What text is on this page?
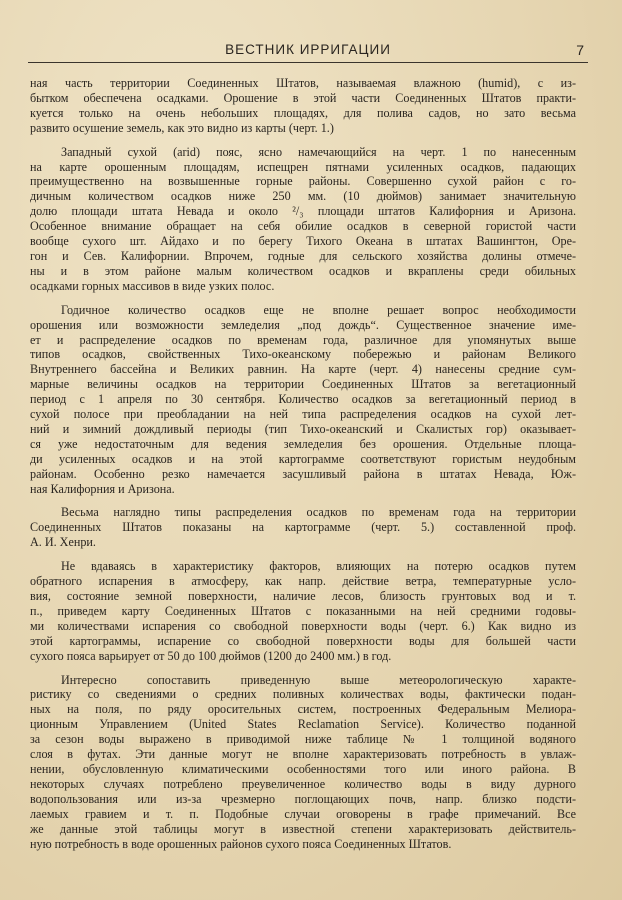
ВЕСТНИК ИРРИГАЦИИ	7
ная часть территории Соединенных Штатов, называемая влажною (humid), с из-
бытком обеспечена осадками. Орошение в этой части Соединенных Штатов практи-
куется только на очень небольших площадях, для полива садов, но зато весьма
развито осушение земель, как это видно из карты (черт. 1.)
Западный сухой (arid) пояс, ясно намечающийся на черт. 1 по нанесенным
на карте орошенным площадям, испещрен пятнами усиленных осадков, падающих
преимущественно на возвышенные горные районы. Совершенно сухой район с го-
дичным количеством осадков ниже 250 мм. (10 дюймов) занимает значительную
долю площади штата Невада и около ²/₃ площади штатов Калифорния и Аризона.
Особенное внимание обращает на себя обилие осадков в северной гористой части
вообще сухого шт. Айдахо и по берегу Тихого Океана в штатах Вашингтон, Оре-
гон и Сев. Калифорнии. Впрочем, годные для сельского хозяйства долины отмече-
ны и в этом районе малым количеством осадков и вкраплены среди обильных
осадками горных массивов в виде узких полос.
Годичное количество осадков еще не вполне решает вопрос необходимости
орошения или возможности земледелия „под дождь“. Существенное значение име-
ет и распределение осадков по временам года, различное для упомянутых выше
типов осадков, свойственных Тихо-океанскому побережью и районам Великого
Внутреннего бассейна и Великих равнин. На карте (черт. 4) нанесены средние сум-
марные величины осадков на территории Соединенных Штатов за вегетационный
период с 1 апреля по 30 сентября. Количество осадков за вегетационный период в
сухой полосе при преобладании на ней типа распределения осадков на сухой лет-
ний и зимний дождливый периоды (тип Тихо-океанский и Скалистых гор) оказывает-
ся уже недостаточным для ведения земледелия без орошения. Отдельные площа-
ди усиленных осадков и на этой картограмме соответствуют гористым неудобным
районам. Особенно резко намечается засушливый района в штатах Невада, Юж-
ная Калифорния и Аризона.
Весьма наглядно типы распределения осадков по временам года на территории
Соединенных Штатов показаны на картограмме (черт. 5.) составленной проф.
А. И. Хенри.
Не вдаваясь в характеристику факторов, влияющих на потерю осадков путем
обратного испарения в атмосферу, как напр. действие ветра, температурные усло-
вия, состояние земной поверхности, наличие лесов, близость грунтовых вод и т.
п., приведем карту Соединенных Штатов с показанными на ней средними годовы-
ми количествами испарения со свободной поверхности воды (черт. 6.) Как видно из
этой картограммы, испарение со свободной поверхности воды для большей части
сухого пояса варьирует от 50 до 100 дюймов (1200 до 2400 мм.) в год.
Интересно сопоставить приведенную выше метеорологическую характе-
ристику со сведениями о средних поливных количествах воды, фактически подан-
ных на поля, по ряду оросительных систем, построенных Федеральным Мелиора-
ционным Управлением (United States Reclamation Service). Количество поданной
за сезон воды выражено в приводимой ниже таблице № 1 толщиной водяного
слоя в футах. Эти данные могут не вполне характеризовать потребность в увлаж-
нении, обусловленную климатическими особенностями того или иного района. В
некоторых случаях потреблено преувеличенное количество воды в виду дурного
водопользования или из-за чрезмерно поглощающих почв, напр. близко подсти-
лаемых гравием и т. п. Подобные случаи оговорены в графе примечаний. Все
же данные этой таблицы могут в известной степени характеризовать действитель-
ную потребность в воде орошенных районов сухого пояса Соединенных Штатов.
